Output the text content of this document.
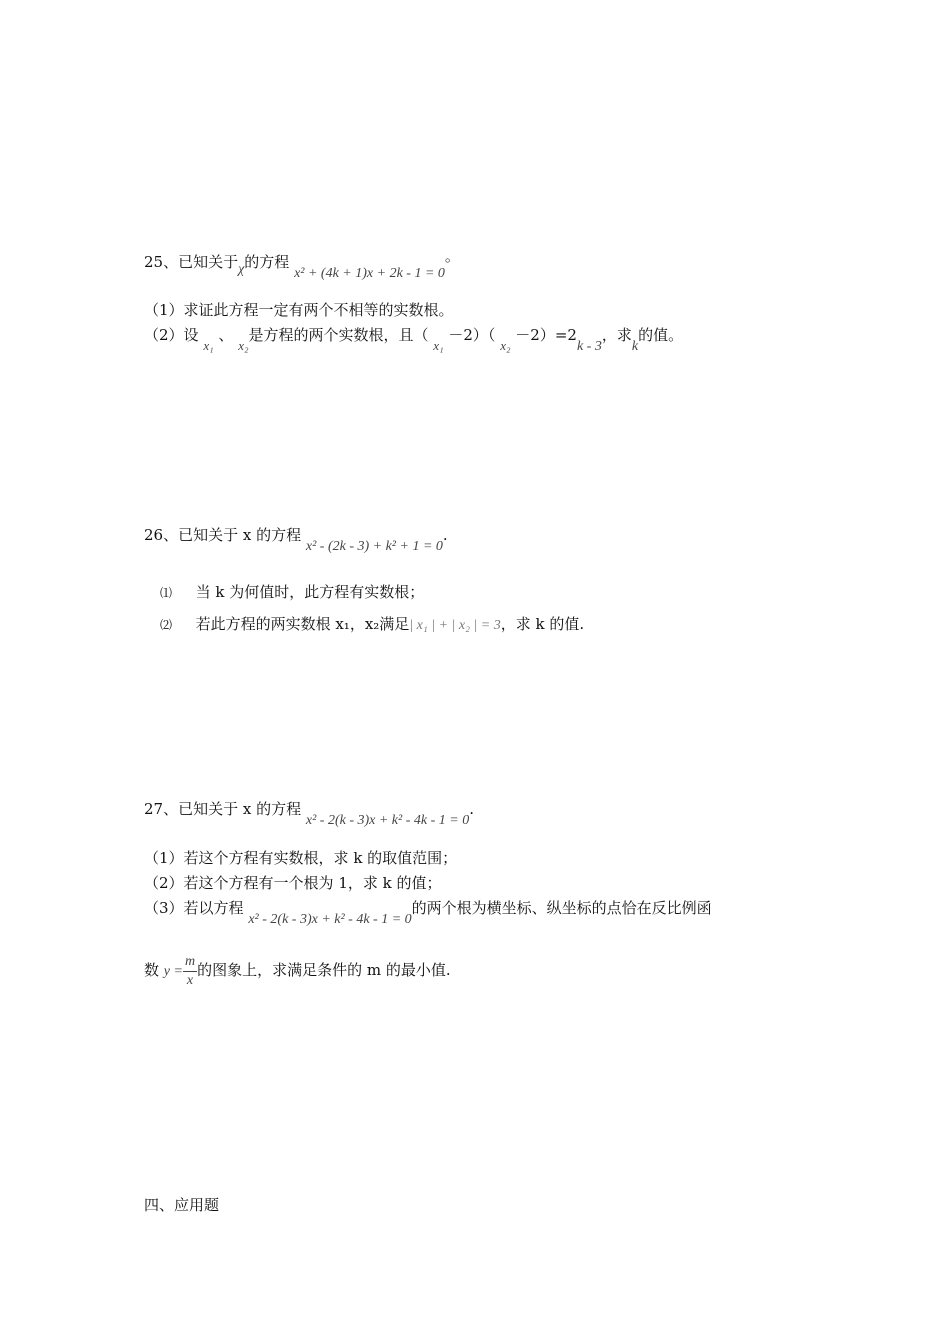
25、已知关于χ的方程 x² + (4k + 1)x + 2k - 1 = 0。
（1）求证此方程一定有两个不相等的实数根。
（2）设 x₁ 、 x₂是方程的两个实数根，且（ x₁ －2）（ x₂ －2）=2k - 3，求k的值。
26、已知关于 x 的方程 x² - (2k - 3) + k² + 1 = 0.
⑴ 当 k 为何值时，此方程有实数根；
⑵ 若此方程的两实数根 x₁，x₂满足| x₁ | + | x₂ | = 3，求 k 的值.
27、已知关于 x 的方程 x² - 2(k - 3)x + k² - 4k - 1 = 0.
（1）若这个方程有实数根，求 k 的取值范围；
（2）若这个方程有一个根为 1，求 k 的值；
（3）若以方程 x² - 2(k - 3)x + k² - 4k - 1 = 0的两个根为横坐标、纵坐标的点恰在反比例函
数 $y = \frac{m}{x}$ 的图象上，求满足条件的 m 的最小值.
四、应用题
